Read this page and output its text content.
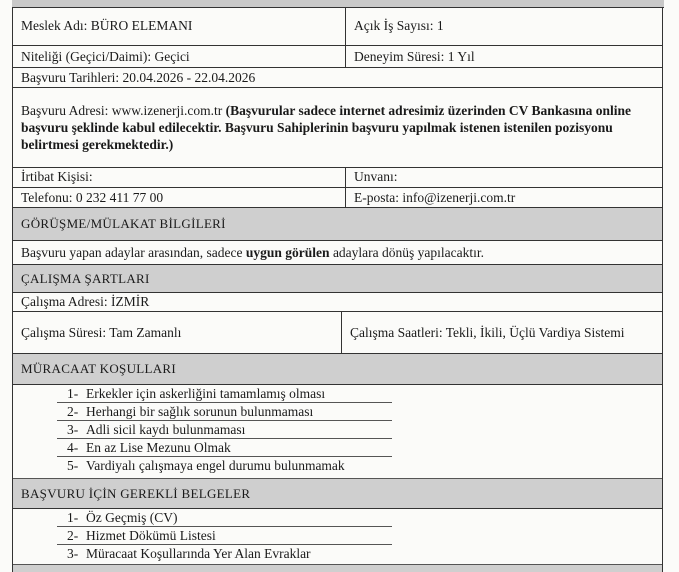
Meslek Adı: BÜRO ELEMANI	Açık İş Sayısı: 1
Niteliği (Geçici/Daimi): Geçici	Deneyim Süresi: 1 Yıl
Başvuru Tarihleri: 20.04.2026 - 22.04.2026
Başvuru Adresi: www.izenerji.com.tr (Başvurular sadece internet adresimiz üzerinden CV Bankasına online başvuru şeklinde kabul edilecektir. Başvuru Sahiplerinin başvuru yapılmak istenen istenilen pozisyonu belirtmesi gerekmektedir.)
İrtibat Kişisi:	Unvanı:
Telefonu: 0 232 411 77 00	E-posta: info@izenerji.com.tr
GÖRÜŞME/MÜLAKAT BİLGİLERİ
Başvuru yapan adaylar arasından, sadece uygun görülen adaylara dönüş yapılacaktır.
ÇALIŞMA ŞARTLARI
Çalışma Adresi: İZMİR
Çalışma Süresi: Tam Zamanlı	Çalışma Saatleri: Tekli, İkili, Üçlü Vardiya Sistemi
MÜRACAAT KOŞULLARI
1- Erkekler için askerliğini tamamlamış olması
2- Herhangi bir sağlık sorunun bulunmaması
3- Adli sicil kaydı bulunmaması
4- En az Lise Mezunu Olmak
5- Vardiyalı çalışmaya engel durumu bulunmamak
BAŞVURU İÇİN GEREKLİ BELGELER
1- Öz Geçmiş (CV)
2- Hizmet Dökümü Listesi
3- Müracaat Koşullarında Yer Alan Evraklar
